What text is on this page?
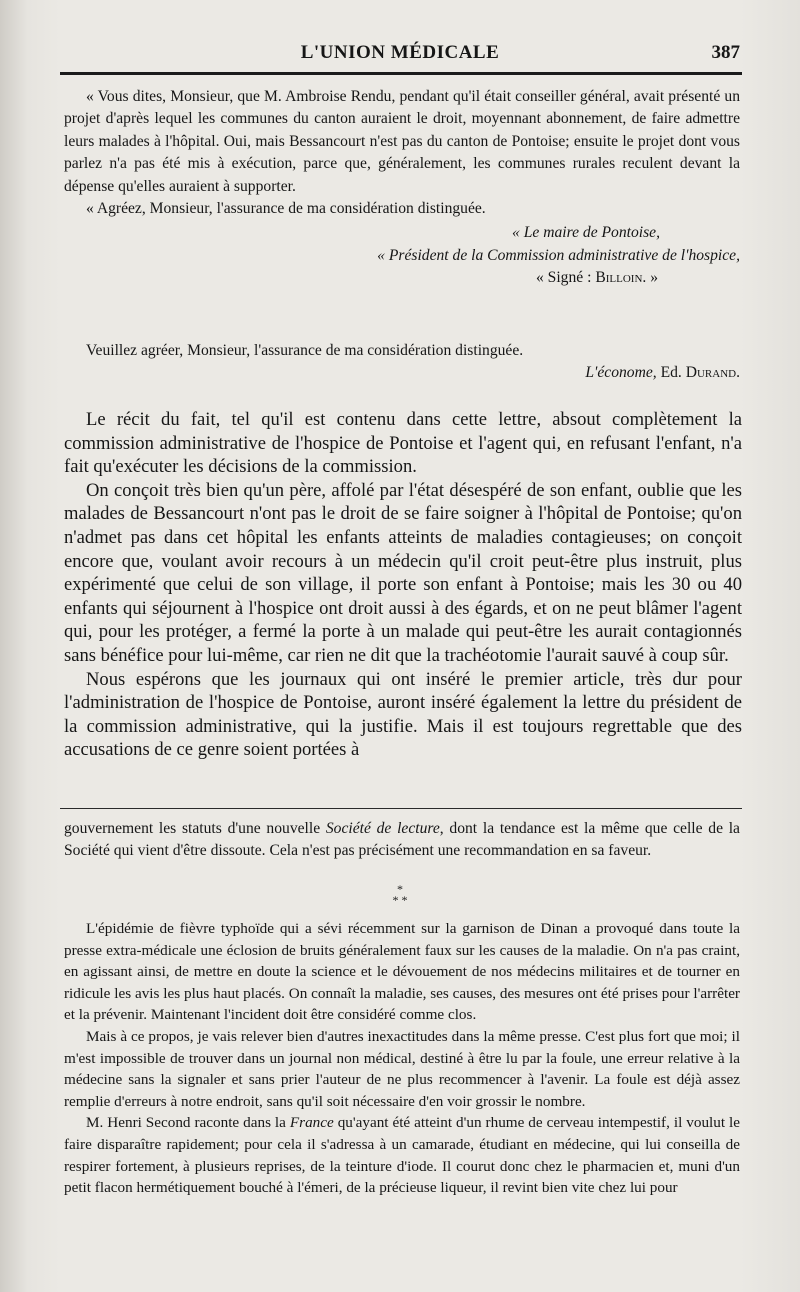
L'UNION MÉDICALE	387

« Vous dites, Monsieur, que M. Ambroise Rendu, pendant qu'il était conseiller général, avait présenté un projet d'après lequel les communes du canton auraient le droit, moyennant abonnement, de faire admettre leurs malades à l'hôpital. Oui, mais Bessancourt n'est pas du canton de Pontoise; ensuite le projet dont vous parlez n'a pas été mis à exécution, parce que, généralement, les communes rurales reculent devant la dépense qu'elles auraient à supporter.

« Agréez, Monsieur, l'assurance de ma considération distinguée.

« Le maire de Pontoise,

« Président de la Commission administrative de l'hospice,

« Signé : Billoin. »

Veuillez agréer, Monsieur, l'assurance de ma considération distinguée.

L'économe, Ed. Durand.

Le récit du fait, tel qu'il est contenu dans cette lettre, absout complètement la commission administrative de l'hospice de Pontoise et l'agent qui, en refusant l'enfant, n'a fait qu'exécuter les décisions de la commission.

On conçoit très bien qu'un père, affolé par l'état désespéré de son enfant, oublie que les malades de Bessancourt n'ont pas le droit de se faire soigner à l'hôpital de Pontoise; qu'on n'admet pas dans cet hôpital les enfants atteints de maladies contagieuses; on conçoit encore que, voulant avoir recours à un médecin qu'il croit peut-être plus instruit, plus expérimenté que celui de son village, il porte son enfant à Pontoise; mais les 30 ou 40 enfants qui séjournent à l'hospice ont droit aussi à des égards, et on ne peut blâmer l'agent qui, pour les protéger, a fermé la porte à un malade qui peut-être les aurait contagionnés sans bénéfice pour lui-même, car rien ne dit que la trachéotomie l'aurait sauvé à coup sûr.

Nous espérons que les journaux qui ont inséré le premier article, très dur pour l'administration de l'hospice de Pontoise, auront inséré également la lettre du président de la commission administrative, qui la justifie. Mais il est toujours regrettable que des accusations de ce genre soient portées à

gouvernement les statuts d'une nouvelle Société de lecture, dont la tendance est la même que celle de la Société qui vient d'être dissoute. Cela n'est pas précisément une recommandation en sa faveur.

*
* *

L'épidémie de fièvre typhoïde qui a sévi récemment sur la garnison de Dinan a provoqué dans toute la presse extra-médicale une éclosion de bruits généralement faux sur les causes de la maladie. On n'a pas craint, en agissant ainsi, de mettre en doute la science et le dévouement de nos médecins militaires et de tourner en ridicule les avis les plus haut placés. On connaît la maladie, ses causes, des mesures ont été prises pour l'arrêter et la prévenir. Maintenant l'incident doit être considéré comme clos.

Mais à ce propos, je vais relever bien d'autres inexactitudes dans la même presse. C'est plus fort que moi; il m'est impossible de trouver dans un journal non médical, destiné à être lu par la foule, une erreur relative à la médecine sans la signaler et sans prier l'auteur de ne plus recommencer à l'avenir. La foule est déjà assez remplie d'erreurs à notre endroit, sans qu'il soit nécessaire d'en voir grossir le nombre.

M. Henri Second raconte dans la France qu'ayant été atteint d'un rhume de cerveau intempestif, il voulut le faire disparaître rapidement; pour cela il s'adressa à un camarade, étudiant en médecine, qui lui conseilla de respirer fortement, à plusieurs reprises, de la teinture d'iode. Il courut donc chez le pharmacien et, muni d'un petit flacon hermétiquement bouché à l'émeri, de la précieuse liqueur, il revint bien vite chez lui pour
